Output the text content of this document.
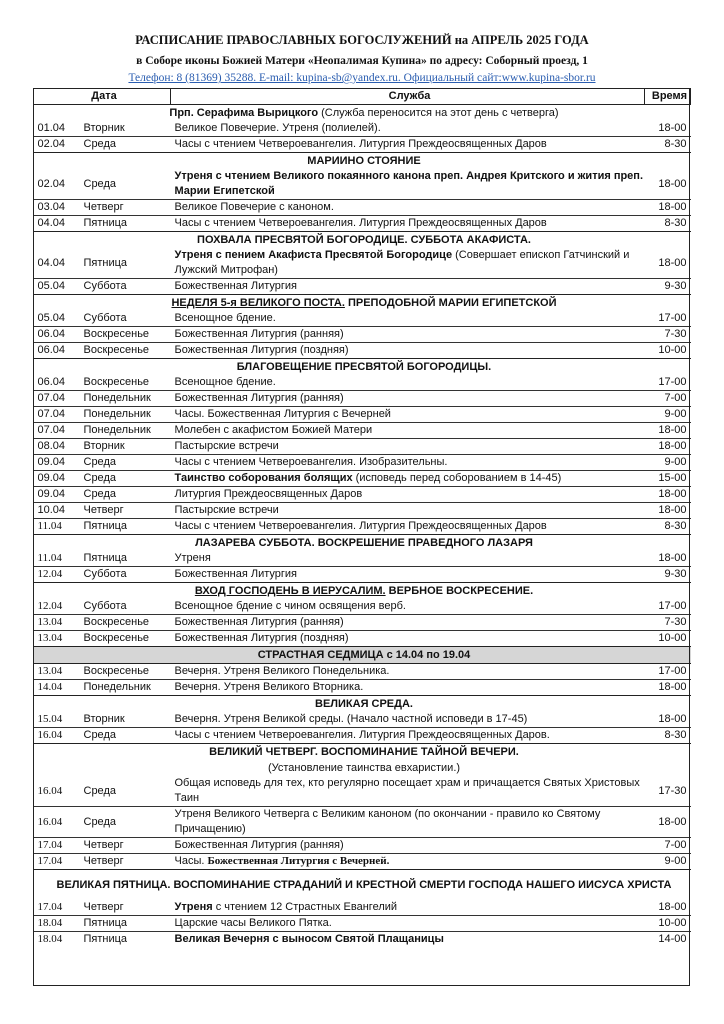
РАСПИСАНИЕ ПРАВОСЛАВНЫХ БОГОСЛУЖЕНИЙ на АПРЕЛЬ 2025 ГОДА
в Соборе иконы Божией Матери «Неопалимая Купина» по адресу: Соборный проезд, 1
Телефон: 8 (81369) 35288. E-mail: kupina-sb@yandex.ru. Официальный сайт:www.kupina-sbor.ru
Дата		Служба	Время
Прп. Серафима Вырицкого (Служба переносится на этот день с четверга)			
01.04	Вторник	Великое Повечерие. Утреня (полиелей).	18-00
02.04	Среда	Часы с чтением Четвероевангелия. Литургия Преждеосвященных Даров	8-30
МАРИИНО СТОЯНИЕ			
02.04	Среда	Утреня с чтением Великого покаянного канона преп. Андрея Критского и жития преп. Марии Египетской	18-00
03.04	Четверг	Великое Повечерие с каноном.	18-00
04.04	Пятница	Часы с чтением Четвероевангелия. Литургия Преждеосвященных Даров	8-30
ПОХВАЛА ПРЕСВЯТОЙ БОГОРОДИЦЕ. СУББОТА АКАФИСТА.			
04.04	Пятница	Утреня с пением Акафиста Пресвятой Богородице (Совершает епископ Гатчинский и Лужский Митрофан)	18-00
05.04	Суббота	Божественная Литургия	9-30
НЕДЕЛЯ 5-я ВЕЛИКОГО ПОСТА. ПРЕПОДОБНОЙ МАРИИ ЕГИПЕТСКОЙ			
05.04	Суббота	Всенощное бдение.	17-00
06.04	Воскресенье	Божественная Литургия (ранняя)	7-30
06.04	Воскресенье	Божественная Литургия (поздняя)	10-00
БЛАГОВЕЩЕНИЕ ПРЕСВЯТОЙ БОГОРОДИЦЫ.			
06.04	Воскресенье	Всенощное бдение.	17-00
07.04	Понедельник	Божественная Литургия (ранняя)	7-00
07.04	Понедельник	Часы. Божественная Литургия с Вечерней	9-00
07.04	Понедельник	Молебен с акафистом Божией Матери	18-00
08.04	Вторник	Пастырские встречи	18-00
09.04	Среда	Часы с чтением Четвероевангелия. Изобразительны.	9-00
09.04	Среда	Таинство соборования болящих (исповедь перед соборованием в 14-45)	15-00
09.04	Среда	Литургия Преждеосвященных Даров	18-00
10.04	Четверг	Пастырские встречи	18-00
11.04	Пятница	Часы с чтением Четвероевангелия. Литургия Преждеосвященных Даров	8-30
ЛАЗАРЕВА СУББОТА. ВОСКРЕШЕНИЕ ПРАВЕДНОГО ЛАЗАРЯ			
11.04	Пятница	Утреня	18-00
12.04	Суббота	Божественная Литургия	9-30
ВХОД ГОСПОДЕНЬ В ИЕРУСАЛИМ. ВЕРБНОЕ ВОСКРЕСЕНИЕ.			
12.04	Суббота	Всенощное бдение с чином освящения верб.	17-00
13.04	Воскресенье	Божественная Литургия (ранняя)	7-30
13.04	Воскресенье	Божественная Литургия (поздняя)	10-00
СТРАСТНАЯ СЕДМИЦА с 14.04 по 19.04			
13.04	Воскресенье	Вечерня. Утреня Великого Понедельника.	17-00
14.04	Понедельник	Вечерня. Утреня Великого Вторника.	18-00
ВЕЛИКАЯ СРЕДА.			
15.04	Вторник	Вечерня. Утреня Великой среды. (Начало частной исповеди в 17-45)	18-00
16.04	Среда	Часы с чтением Четвероевангелия. Литургия Преждеосвященных Даров.	8-30
ВЕЛИКИЙ ЧЕТВЕРГ. ВОСПОМИНАНИЕ ТАЙНОЙ ВЕЧЕРИ.			
(Установление таинства евхаристии.)			
16.04	Среда	Общая исповедь для тех, кто регулярно посещает храм и причащается Святых Христовых Таин	17-30
16.04	Среда	Утреня Великого Четверга с Великим каноном (по окончании - правило ко Святому Причащению)	18-00
17.04	Четверг	Божественная Литургия (ранняя)	7-00
17.04	Четверг	Часы. Божественная Литургия с Вечерней.	9-00
ВЕЛИКАЯ ПЯТНИЦА. ВОСПОМИНАНИЕ СТРАДАНИЙ И КРЕСТНОЙ СМЕРТИ ГОСПОДА НАШЕГО ИИСУСА ХРИСТА			
17.04	Четверг	Утреня с чтением 12 Страстных Евангелий	18-00
18.04	Пятница	Царские часы Великого Пятка.	10-00
18.04	Пятница	Великая Вечерня с выносом Святой Плащаницы	14-00
